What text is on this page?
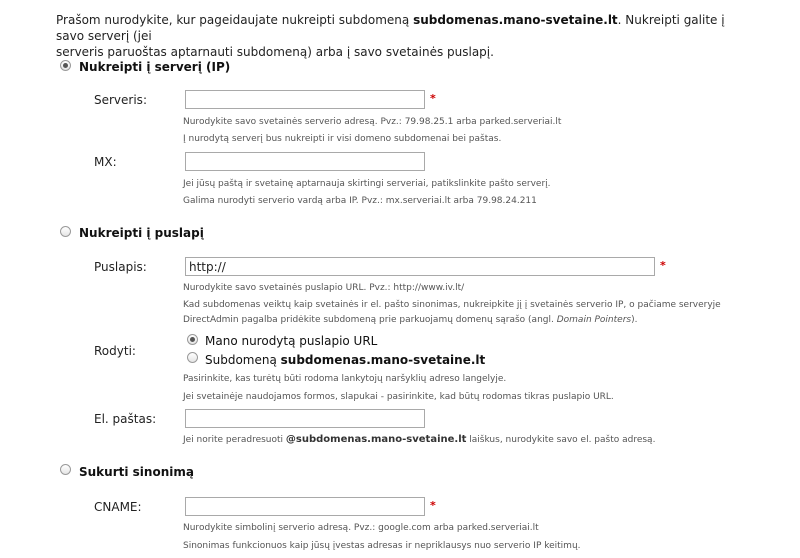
Prašom nurodykite, kur pageidaujate nukreipti subdomeną subdomenas.mano-svetaine.lt. Nukreipti galite į savo serverį (jei
serveris paruoštas aptarnauti subdomeną) arba į savo svetainės puslapį.
Nukreipti į serverį (IP)
Serveris:	*
Nurodykite savo svetainės serverio adresą. Pvz.: 79.98.25.1 arba parked.serveriai.lt
Į nurodytą serverį bus nukreipti ir visi domeno subdomenai bei paštas.
MX:
Jei jūsų paštą ir svetainę aptarnauja skirtingi serveriai, patikslinkite pašto serverį.
Galima nurodyti serverio vardą arba IP. Pvz.: mx.serveriai.lt arba 79.98.24.211
Nukreipti į puslapį
Puslapis:
http://	*
Nurodykite savo svetainės puslapio URL. Pvz.: http://www.iv.lt/
Kad subdomenas veiktų kaip svetainės ir el. pašto sinonimas, nukreipkite jį į svetainės serverio IP, o pačiame serveryje
DirectAdmin pagalba pridėkite subdomeną prie parkuojamų domenų sąrašo (angl. Domain Pointers).
Rodyti:
Mano nurodytą puslapio URL
Subdomeną subdomenas.mano-svetaine.lt
Pasirinkite, kas turėtų būti rodoma lankytojų naršyklių adreso langelyje.
Jei svetainėje naudojamos formos, slapukai - pasirinkite, kad būtų rodomas tikras puslapio URL.
El. paštas:
Jei norite peradresuoti @subdomenas.mano-svetaine.lt laiškus, nurodykite savo el. pašto adresą.
Sukurti sinonimą
CNAME:	*
Nurodykite simbolinį serverio adresą. Pvz.: google.com arba parked.serveriai.lt
Sinonimas funkcionuos kaip jūsų įvestas adresas ir nepriklausys nuo serverio IP keitimų.
